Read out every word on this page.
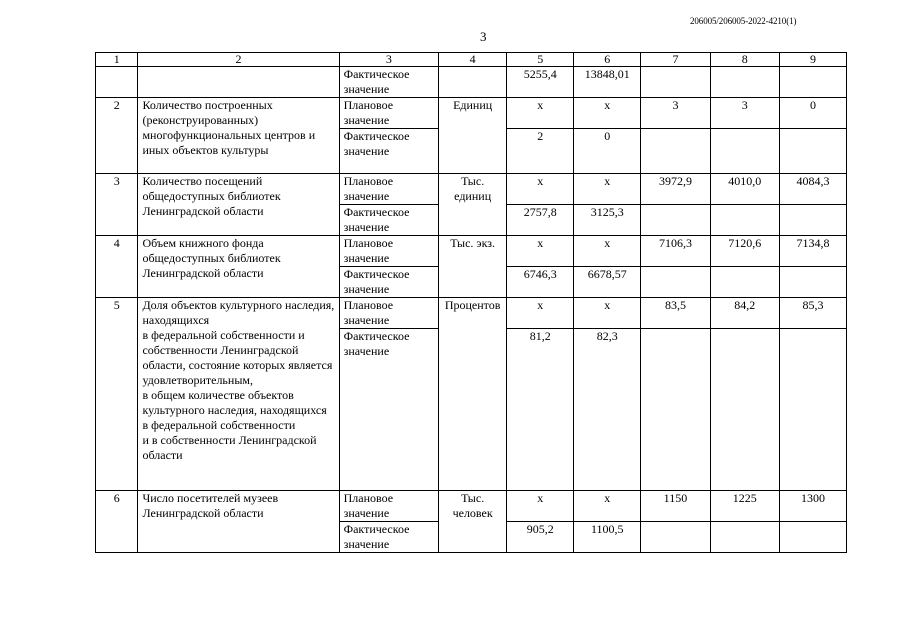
206005/206005-2022-4210(1)
3
1	2	3	4	5	6	7	8	9
		Фактическое значение		5255,4	13848,01			
2	Количество построенных (реконструированных) многофункциональных центров и иных объектов культуры	Плановое значение	Единиц	х	х	3	3	0
		Фактическое значение		2	0			
3	Количество посещений общедоступных библиотек Ленинградской области	Плановое значение	Тыс. единиц	х	х	3972,9	4010,0	4084,3
		Фактическое значение		2757,8	3125,3			
4	Объем книжного фонда общедоступных библиотек Ленинградской области	Плановое значение	Тыс. экз.	х	х	7106,3	7120,6	7134,8
		Фактическое значение		6746,3	6678,57			
5	Доля объектов культурного наследия, находящихся
в федеральной собственности и собственности Ленинградской области, состояние которых является удовлетворительным,
в общем количестве объектов культурного наследия, находящихся в федеральной собственности
и в собственности Ленинградской области	Плановое значение	Процентов	х	х	83,5	84,2	85,3
		Фактическое значение		81,2	82,3			
6	Число посетителей музеев Ленинградской области	Плановое значение	Тыс. человек	х	х	1150	1225	1300
		Фактическое значение		905,2	1100,5			
